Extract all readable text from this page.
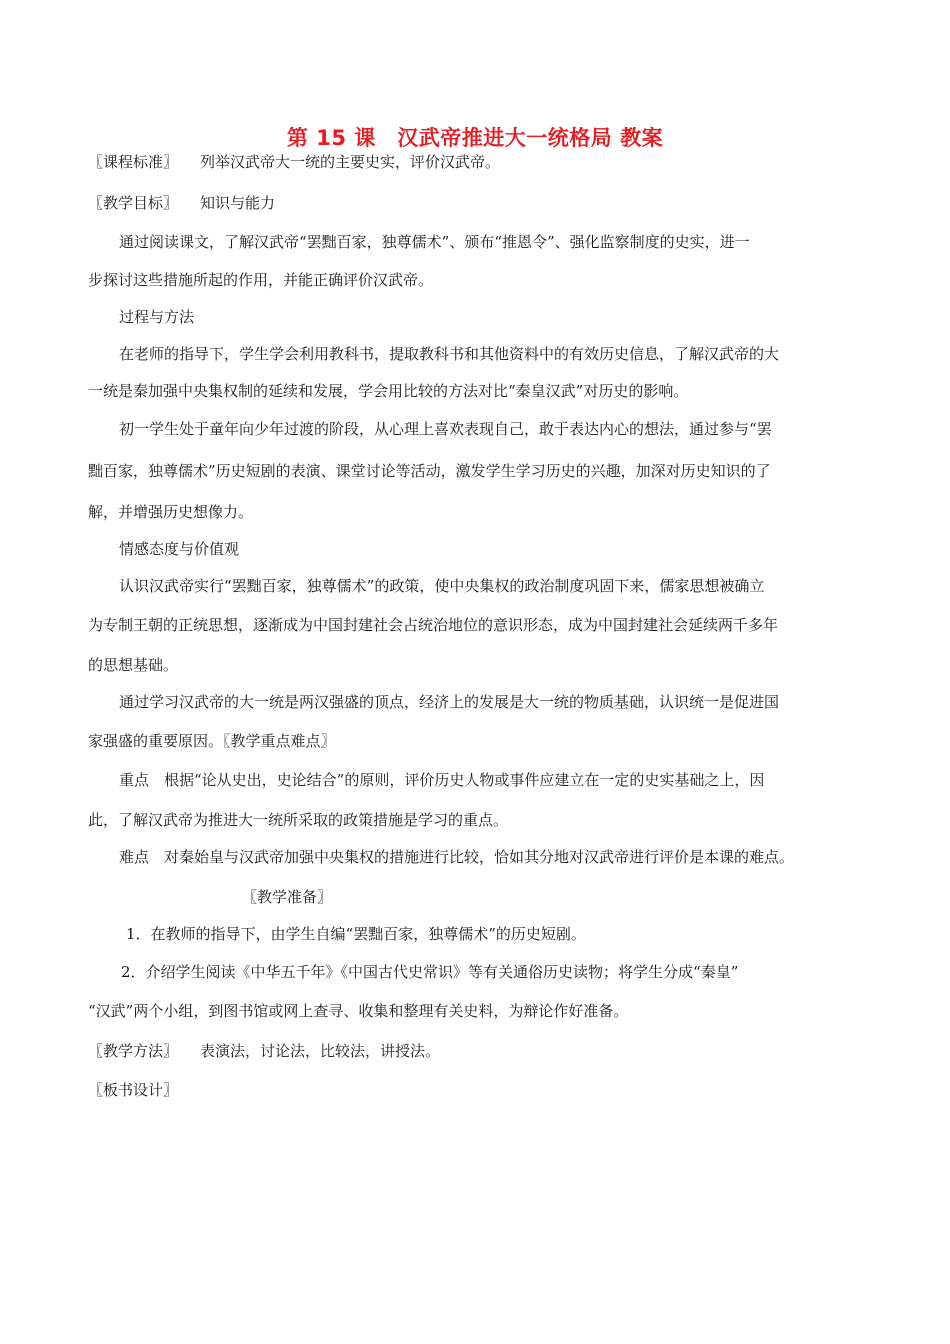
第 15 课　汉武帝推进大一统格局 教案
〖课程标准〗 列举汉武帝大一统的主要史实，评价汉武帝。
〖教学目标〗 知识与能力
通过阅读课文，了解汉武帝“罢黜百家，独尊儒术”、颁布“推恩令”、强化监察制度的史实，进一
步探讨这些措施所起的作用，并能正确评价汉武帝。
过程与方法
在老师的指导下，学生学会利用教科书，提取教科书和其他资料中的有效历史信息，了解汉武帝的大
一统是秦加强中央集权制的延续和发展，学会用比较的方法对比“秦皇汉武”对历史的影响。
初一学生处于童年向少年过渡的阶段，从心理上喜欢表现自己，敢于表达内心的想法，通过参与“罢
黜百家，独尊儒术”历史短剧的表演、课堂讨论等活动，激发学生学习历史的兴趣，加深对历史知识的了
解，并增强历史想像力。
情感态度与价值观
认识汉武帝实行“罢黜百家，独尊儒术”的政策，使中央集权的政治制度巩固下来，儒家思想被确立
为专制王朝的正统思想，逐渐成为中国封建社会占统治地位的意识形态，成为中国封建社会延续两千多年
的思想基础。
通过学习汉武帝的大一统是两汉强盛的顶点，经济上的发展是大一统的物质基础，认识统一是促进国
家强盛的重要原因。〖教学重点难点〗
重点　根据“论从史出，史论结合”的原则，评价历史人物或事件应建立在一定的史实基础之上，因
此，了解汉武帝为推进大一统所采取的政策措施是学习的重点。
难点　对秦始皇与汉武帝加强中央集权的措施进行比较，恰如其分地对汉武帝进行评价是本课的难点。
〖教学准备〗
1．在教师的指导下，由学生自编“罢黜百家，独尊儒术”的历史短剧。
2．介绍学生阅读《中华五千年》《中国古代史常识》等有关通俗历史读物；将学生分成“秦皇”
“汉武”两个小组，到图书馆或网上查寻、收集和整理有关史料，为辩论作好准备。
〖教学方法〗 表演法，讨论法，比较法，讲授法。
〖板书设计〗
